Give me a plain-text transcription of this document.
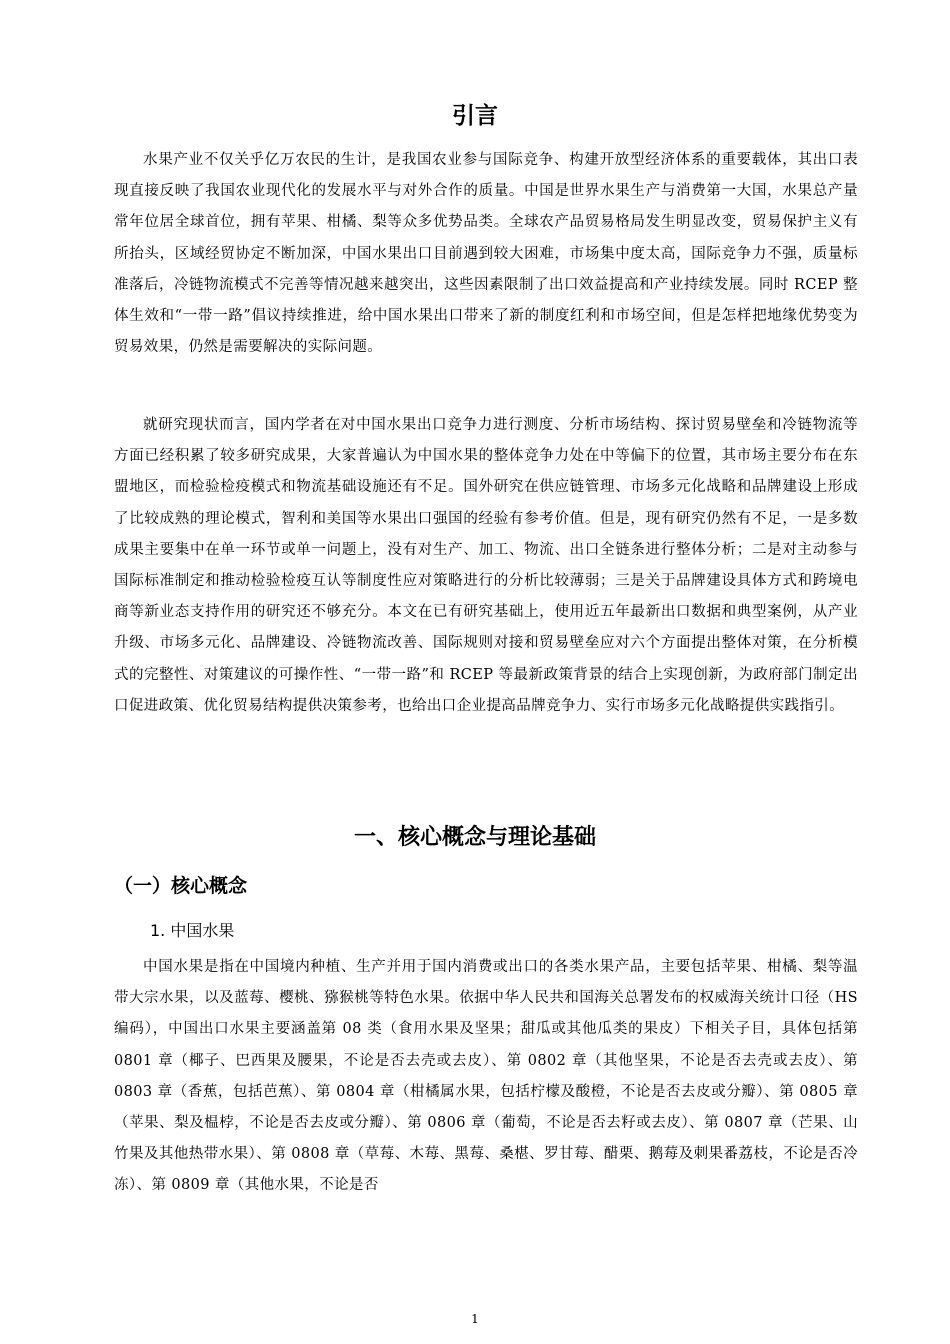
引言

水果产业不仅关乎亿万农民的生计，是我国农业参与国际竞争、构建开放型经济体系的重要载体，其出口表现直接反映了我国农业现代化的发展水平与对外合作的质量。中国是世界水果生产与消费第一大国，水果总产量常年位居全球首位，拥有苹果、柑橘、梨等众多优势品类。全球农产品贸易格局发生明显改变，贸易保护主义有所抬头，区域经贸协定不断加深，中国水果出口目前遇到较大困难，市场集中度太高，国际竞争力不强，质量标准落后，冷链物流模式不完善等情况越来越突出，这些因素限制了出口效益提高和产业持续发展。同时 RCEP 整体生效和“一带一路”倡议持续推进，给中国水果出口带来了新的制度红利和市场空间，但是怎样把地缘优势变为贸易效果，仍然是需要解决的实际问题。

就研究现状而言，国内学者在对中国水果出口竞争力进行测度、分析市场结构、探讨贸易壁垒和冷链物流等方面已经积累了较多研究成果，大家普遍认为中国水果的整体竞争力处在中等偏下的位置，其市场主要分布在东盟地区，而检验检疫模式和物流基础设施还有不足。国外研究在供应链管理、市场多元化战略和品牌建设上形成了比较成熟的理论模式，智利和美国等水果出口强国的经验有参考价值。但是，现有研究仍然有不足，一是多数成果主要集中在单一环节或单一问题上，没有对生产、加工、物流、出口全链条进行整体分析；二是对主动参与国际标准制定和推动检验检疫互认等制度性应对策略进行的分析比较薄弱；三是关于品牌建设具体方式和跨境电商等新业态支持作用的研究还不够充分。本文在已有研究基础上，使用近五年最新出口数据和典型案例，从产业升级、市场多元化、品牌建设、冷链物流改善、国际规则对接和贸易壁垒应对六个方面提出整体对策，在分析模式的完整性、对策建议的可操作性、“一带一路”和 RCEP 等最新政策背景的结合上实现创新，为政府部门制定出口促进政策、优化贸易结构提供决策参考，也给出口企业提高品牌竞争力、实行市场多元化战略提供实践指引。

一、核心概念与理论基础
（一）核心概念
1. 中国水果

中国水果是指在中国境内种植、生产并用于国内消费或出口的各类水果产品，主要包括苹果、柑橘、梨等温带大宗水果，以及蓝莓、樱桃、猕猴桃等特色水果。依据中华人民共和国海关总署发布的权威海关统计口径（HS 编码），中国出口水果主要涵盖第 08 类（食用水果及坚果；甜瓜或其他瓜类的果皮）下相关子目，具体包括第 0801 章（椰子、巴西果及腰果，不论是否去壳或去皮）、第 0802 章（其他坚果，不论是否去壳或去皮）、第 0803 章（香蕉，包括芭蕉）、第 0804 章（柑橘属水果，包括柠檬及酸橙，不论是否去皮或分瓣）、第 0805 章（苹果、梨及榅桲，不论是否去皮或分瓣）、第 0806 章（葡萄，不论是否去籽或去皮）、第 0807 章（芒果、山竹果及其他热带水果）、第 0808 章（草莓、木莓、黑莓、桑椹、罗甘莓、醋栗、鹅莓及刺果番荔枝，不论是否冷冻）、第 0809 章（其他水果，不论是否

1
